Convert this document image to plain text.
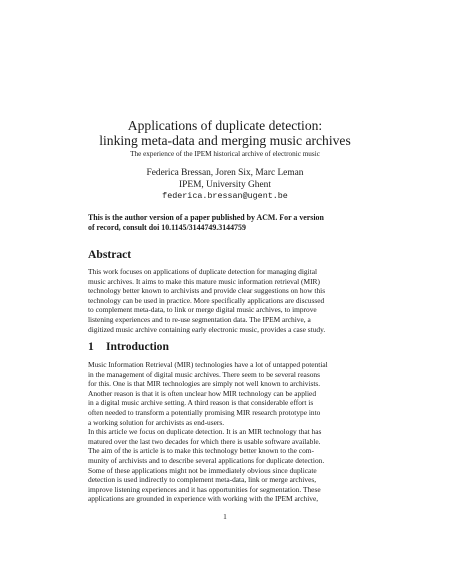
Applications of duplicate detection:
linking meta-data and merging music archives
The experience of the IPEM historical archive of electronic music
Federica Bressan, Joren Six, Marc Leman
IPEM, University Ghent
federica.bressan@ugent.be
This is the author version of a paper published by ACM. For a version
of record, consult doi 10.1145/3144749.3144759
Abstract
This work focuses on applications of duplicate detection for managing digital
music archives. It aims to make this mature music information retrieval (MIR)
technology better known to archivists and provide clear suggestions on how this
technology can be used in practice. More specifically applications are discussed
to complement meta-data, to link or merge digital music archives, to improve
listening experiences and to re-use segmentation data. The IPEM archive, a
digitized music archive containing early electronic music, provides a case study.
1 Introduction
Music Information Retrieval (MIR) technologies have a lot of untapped potential
in the management of digital music archives. There seem to be several reasons
for this. One is that MIR technologies are simply not well known to archivists.
Another reason is that it is often unclear how MIR technology can be applied
in a digital music archive setting. A third reason is that considerable effort is
often needed to transform a potentially promising MIR research prototype into
a working solution for archivists as end-users.
In this article we focus on duplicate detection. It is an MIR technology that has
matured over the last two decades for which there is usable software available.
The aim of the is article is to make this technology better known to the com-
munity of archivists and to describe several applications for duplicate detection.
Some of these applications might not be immediately obvious since duplicate
detection is used indirectly to complement meta-data, link or merge archives,
improve listening experiences and it has opportunities for segmentation. These
applications are grounded in experience with working with the IPEM archive,
1
